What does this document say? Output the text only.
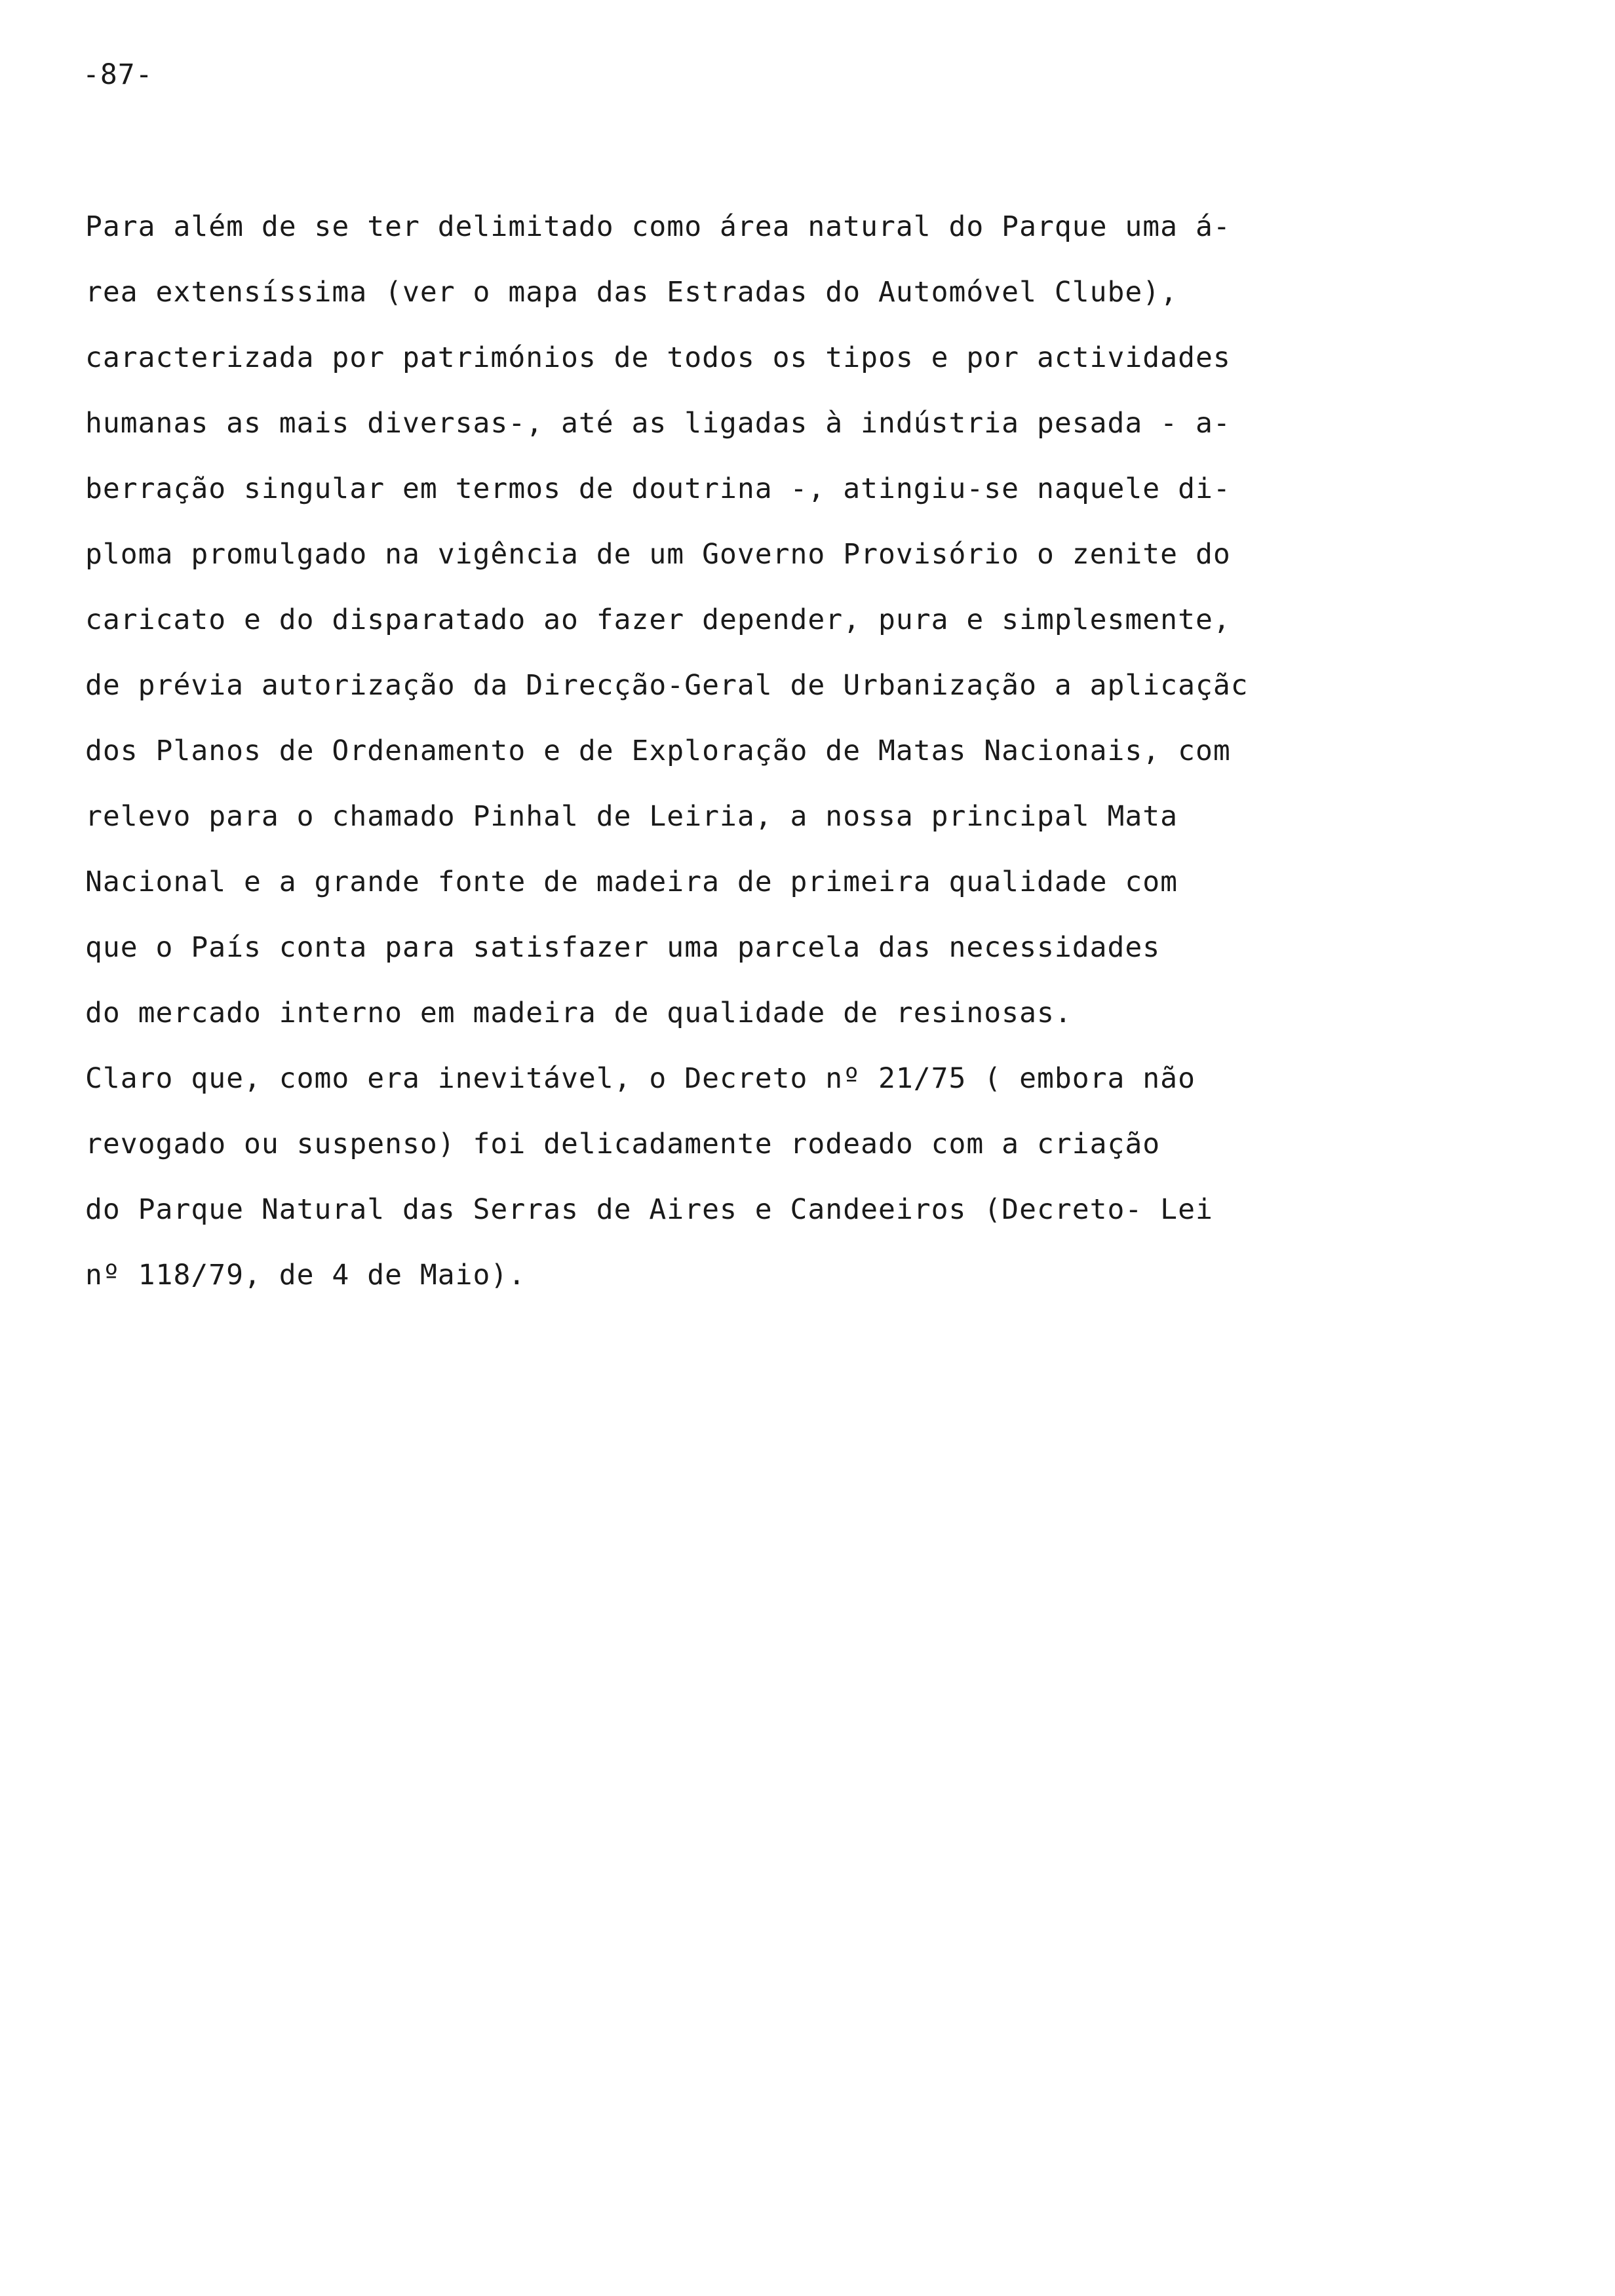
-87-
Para além de se ter delimitado como área natural do Parque uma á-
rea extensíssima (ver o mapa das Estradas do Automóvel Clube),
caracterizada por patrimónios de todos os tipos e por actividades
humanas as mais diversas-, até as ligadas à indústria pesada - a-
berração singular em termos de doutrina -, atingiu-se naquele di-
ploma promulgado na vigência de um Governo Provisório o zenite do
caricato e do disparatado ao fazer depender, pura e simplesmente,
de prévia autorização da Direcção-Geral de Urbanização a aplicaçãc
dos Planos de Ordenamento e de Exploração de Matas Nacionais, com
relevo para o chamado Pinhal de Leiria, a nossa principal Mata
Nacional e a grande fonte de madeira de primeira qualidade com
que o País conta para satisfazer uma parcela das necessidades
do mercado interno em madeira de qualidade de resinosas.
Claro que, como era inevitável, o Decreto nº 21/75 ( embora não
revogado ou suspenso) foi delicadamente rodeado com a criação
do Parque Natural das Serras de Aires e Candeeiros (Decreto- Lei
nº 118/79, de 4 de Maio).
